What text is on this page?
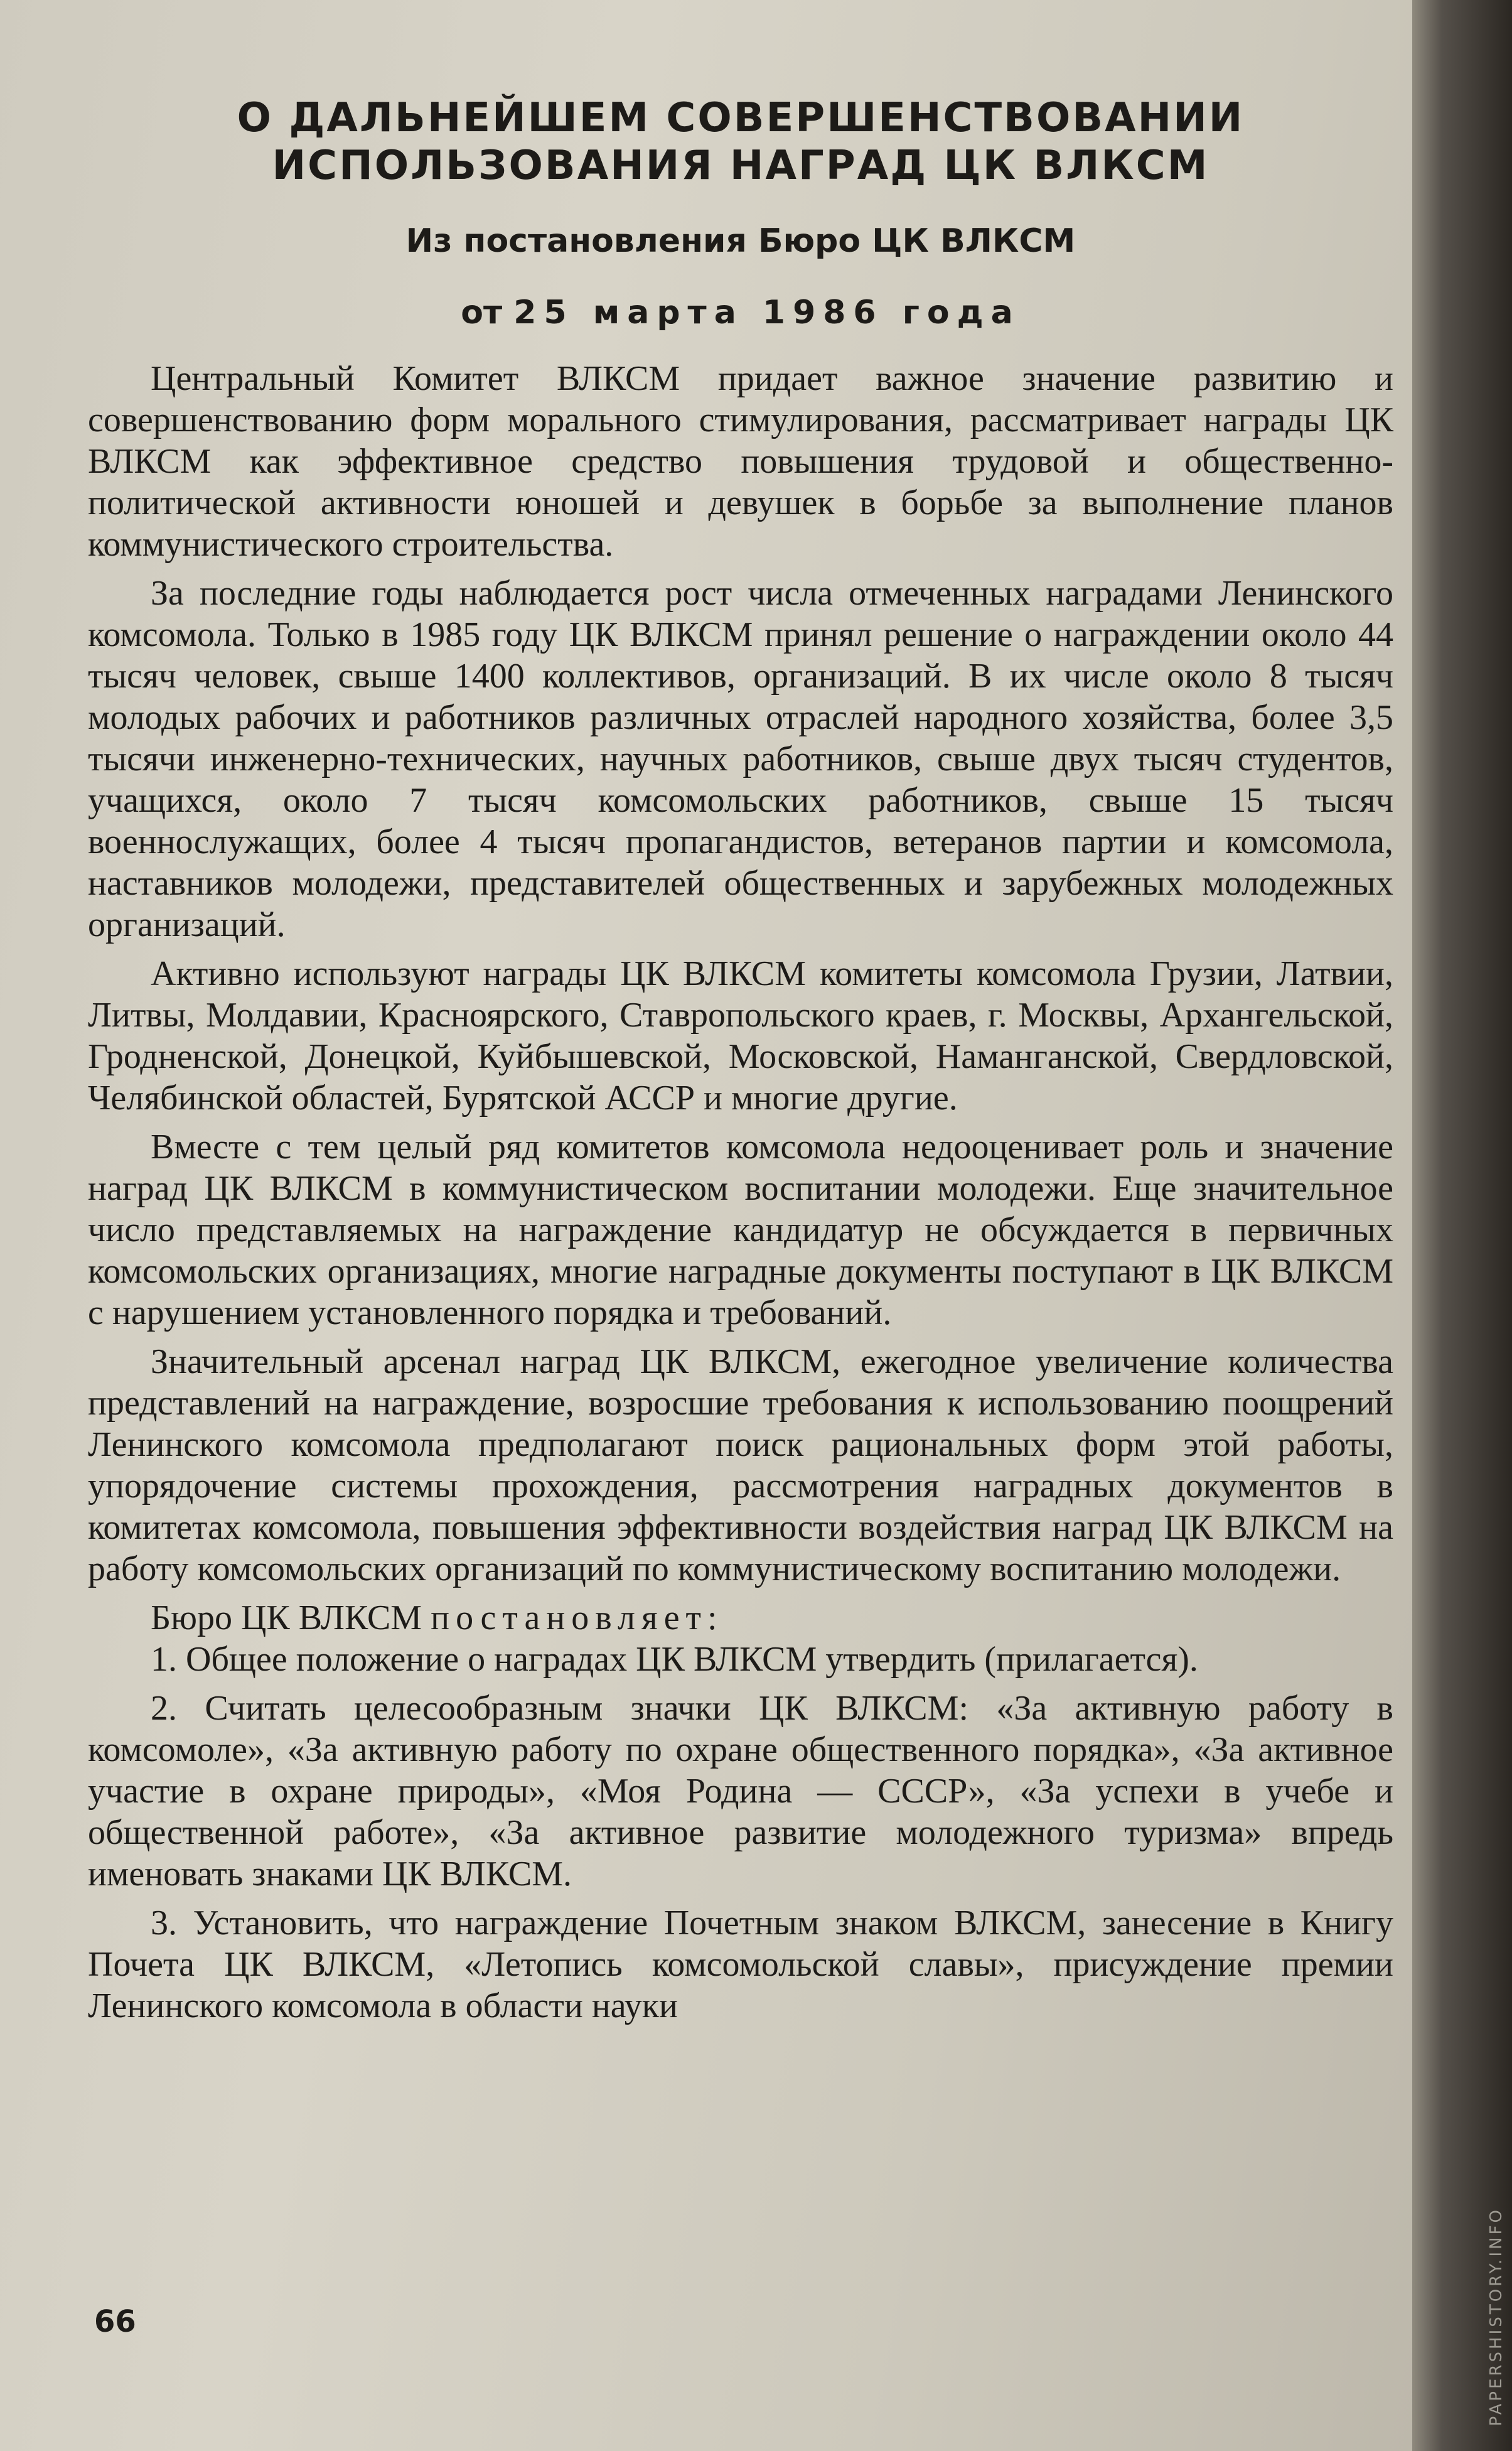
О ДАЛЬНЕЙШЕМ СОВЕРШЕНСТВОВАНИИ ИСПОЛЬЗОВАНИЯ НАГРАД ЦК ВЛКСМ
Из постановления Бюро ЦК ВЛКСМ
от 25 марта 1986 года

Центральный Комитет ВЛКСМ придает важное значение развитию и совершенствованию форм морального стимулирования, рассматривает награды ЦК ВЛКСМ как эффективное средство повышения трудовой и общественно-политической активности юношей и девушек в борьбе за выполнение планов коммунистического строительства.

За последние годы наблюдается рост числа отмеченных наградами Ленинского комсомола. Только в 1985 году ЦК ВЛКСМ принял решение о награждении около 44 тысяч человек, свыше 1400 коллективов, организаций. В их числе около 8 тысяч молодых рабочих и работников различных отраслей народного хозяйства, более 3,5 тысячи инженерно-технических, научных работников, свыше двух тысяч студентов, учащихся, около 7 тысяч комсомольских работников, свыше 15 тысяч военнослужащих, более 4 тысяч пропагандистов, ветеранов партии и комсомола, наставников молодежи, представителей общественных и зарубежных молодежных организаций.

Активно используют награды ЦК ВЛКСМ комитеты комсомола Грузии, Латвии, Литвы, Молдавии, Красноярского, Ставропольского краев, г. Москвы, Архангельской, Гродненской, Донецкой, Куйбышевской, Московской, Наманганской, Свердловской, Челябинской областей, Бурятской АССР и многие другие.

Вместе с тем целый ряд комитетов комсомола недооценивает роль и значение наград ЦК ВЛКСМ в коммунистическом воспитании молодежи. Еще значительное число представляемых на награждение кандидатур не обсуждается в первичных комсомольских организациях, многие наградные документы поступают в ЦК ВЛКСМ с нарушением установленного порядка и требований.

Значительный арсенал наград ЦК ВЛКСМ, ежегодное увеличение количества представлений на награждение, возросшие требования к использованию поощрений Ленинского комсомола предполагают поиск рациональных форм этой работы, упорядочение системы прохождения, рассмотрения наградных документов в комитетах комсомола, повышения эффективности воздействия наград ЦК ВЛКСМ на работу комсомольских организаций по коммунистическому воспитанию молодежи.

Бюро ЦК ВЛКСМ постановляет:

1. Общее положение о наградах ЦК ВЛКСМ утвердить (прилагается).

2. Считать целесообразным значки ЦК ВЛКСМ: «За активную работу в комсомоле», «За активную работу по охране общественного порядка», «За активное участие в охране природы», «Моя Родина — СССР», «За успехи в учебе и общественной работе», «За активное развитие молодежного туризма» впредь именовать знаками ЦК ВЛКСМ.

3. Установить, что награждение Почетным знаком ВЛКСМ, занесение в Книгу Почета ЦК ВЛКСМ, «Летопись комсомольской славы», присуждение премии Ленинского комсомола в области науки

66	PAPERSHISTORY.INFO
